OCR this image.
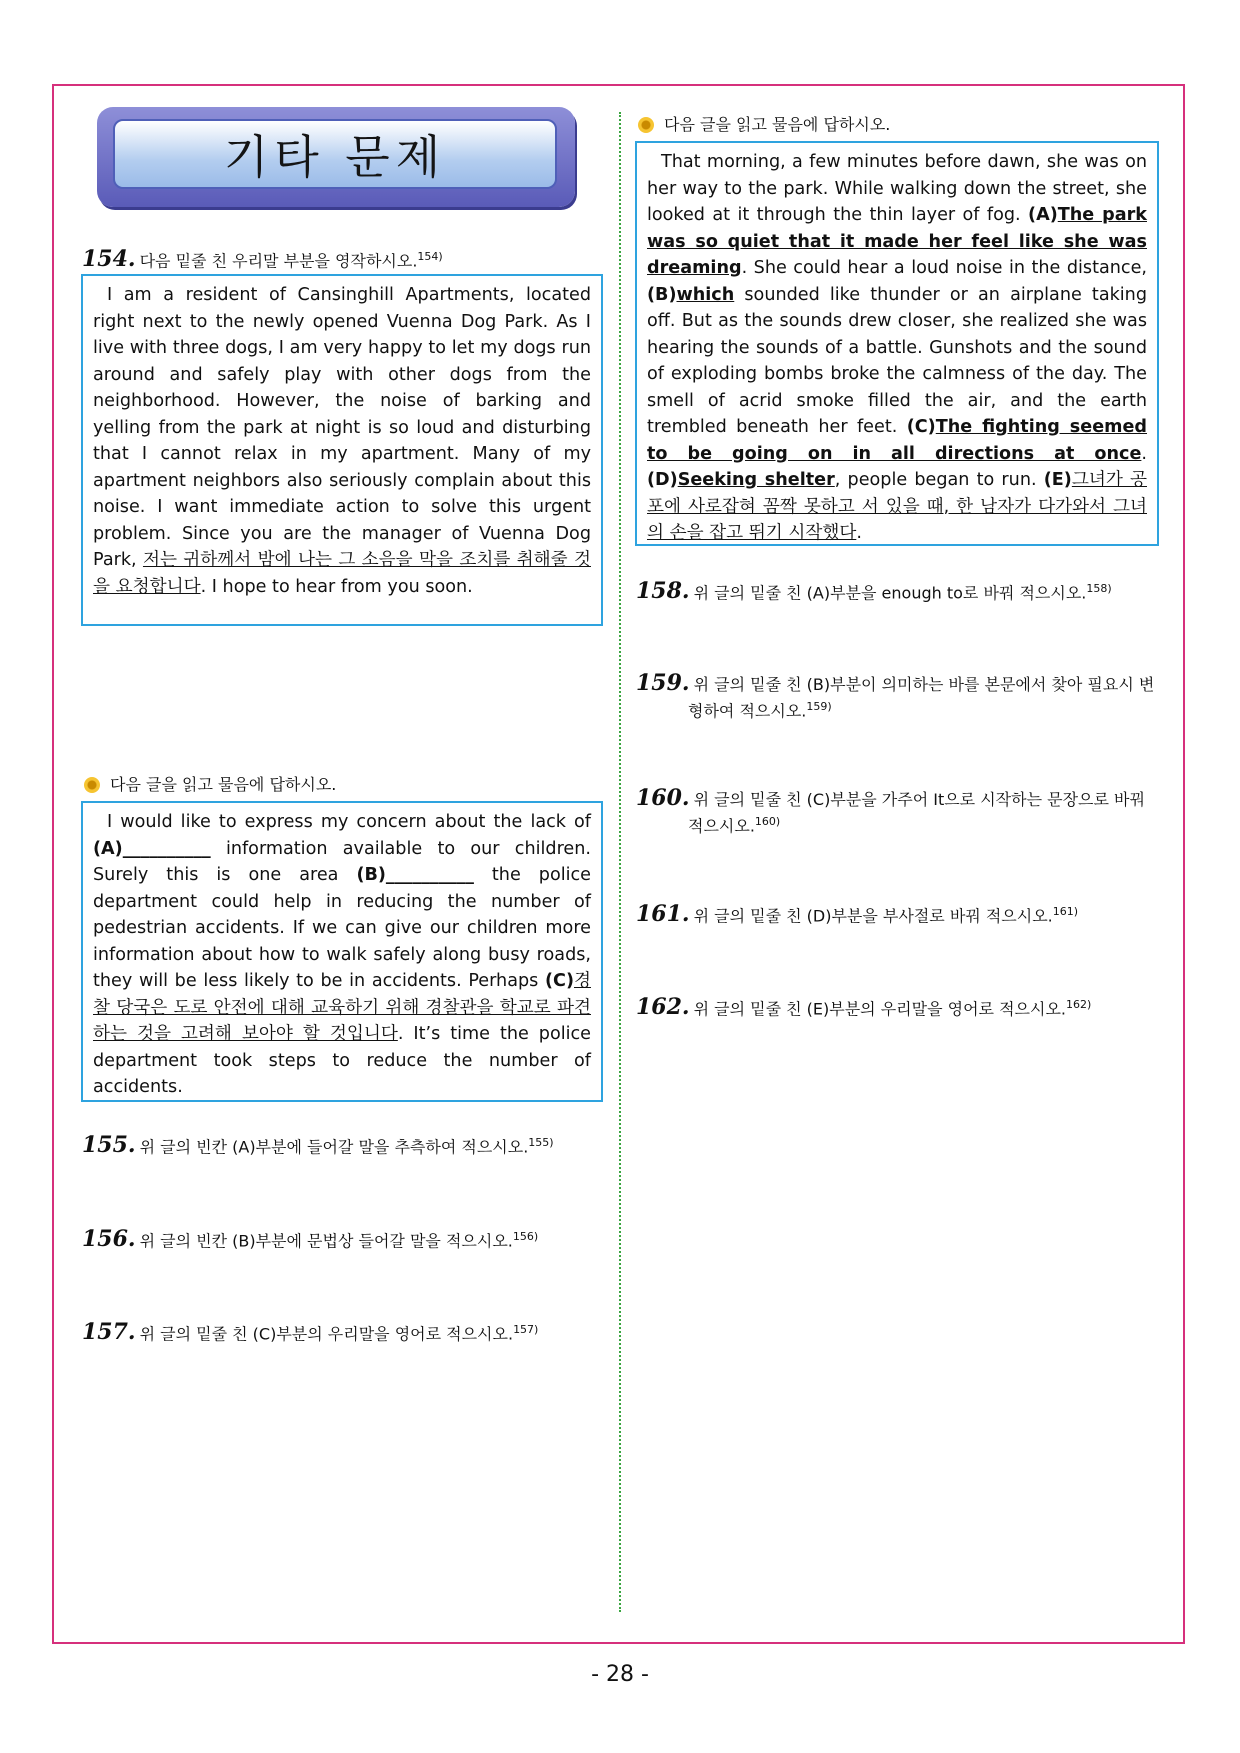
기타 문제
154. 다음 밑줄 친 우리말 부분을 영작하시오.$^{154)}$
I am a resident of Cansinghill Apartments, located right next to the newly opened Vuenna Dog Park. As I live with three dogs, I am very happy to let my dogs run around and safely play with other dogs from the neighborhood. However, the noise of barking and yelling from the park at night is so loud and disturbing that I cannot relax in my apartment. Many of my apartment neighbors also seriously complain about this noise. I want immediate action to solve this urgent problem. Since you are the manager of Vuenna Dog Park, 저는 귀하께서 밤에 나는 그 소음을 막을 조치를 취해줄 것을 요청합니다. I hope to hear from you soon.
다음 글을 읽고 물음에 답하시오.
I would like to express my concern about the lack of (A)__________ information available to our children. Surely this is one area (B)__________ the police department could help in reducing the number of pedestrian accidents. If we can give our children more information about how to walk safely along busy roads, they will be less likely to be in accidents. Perhaps (C)경찰 당국은 도로 안전에 대해 교육하기 위해 경찰관을 학교로 파견하는 것을 고려해 보아야 할 것입니다. It’s time the police department took steps to reduce the number of accidents.
155. 위 글의 빈칸 (A)부분에 들어갈 말을 추측하여 적으시오.$^{155)}$
156. 위 글의 빈칸 (B)부분에 문법상 들어갈 말을 적으시오.$^{156)}$
157. 위 글의 밑줄 친 (C)부분의 우리말을 영어로 적으시오.$^{157)}$
다음 글을 읽고 물음에 답하시오.
That morning, a few minutes before dawn, she was on her way to the park. While walking down the street, she looked at it through the thin layer of fog. (A)The park was so quiet that it made her feel like she was dreaming. She could hear a loud noise in the distance, (B)which sounded like thunder or an airplane taking off. But as the sounds drew closer, she realized she was hearing the sounds of a battle. Gunshots and the sound of exploding bombs broke the calmness of the day. The smell of acrid smoke filled the air, and the earth trembled beneath her feet. (C)The fighting seemed to be going on in all directions at once. (D)Seeking shelter, people began to run. (E)그녀가 공포에 사로잡혀 꼼짝 못하고 서 있을 때, 한 남자가 다가와서 그녀의 손을 잡고 뛰기 시작했다.
158. 위 글의 밑줄 친 (A)부분을 enough to로 바꿔 적으시오.$^{158)}$
159. 위 글의 밑줄 친 (B)부분이 의미하는 바를 본문에서 찾아 필요시 변형하여 적으시오.$^{159)}$
160. 위 글의 밑줄 친 (C)부분을 가주어 It으로 시작하는 문장으로 바꿔 적으시오.$^{160)}$
161. 위 글의 밑줄 친 (D)부분을 부사절로 바꿔 적으시오.$^{161)}$
162. 위 글의 밑줄 친 (E)부분의 우리말을 영어로 적으시오.$^{162)}$
- 28 -
